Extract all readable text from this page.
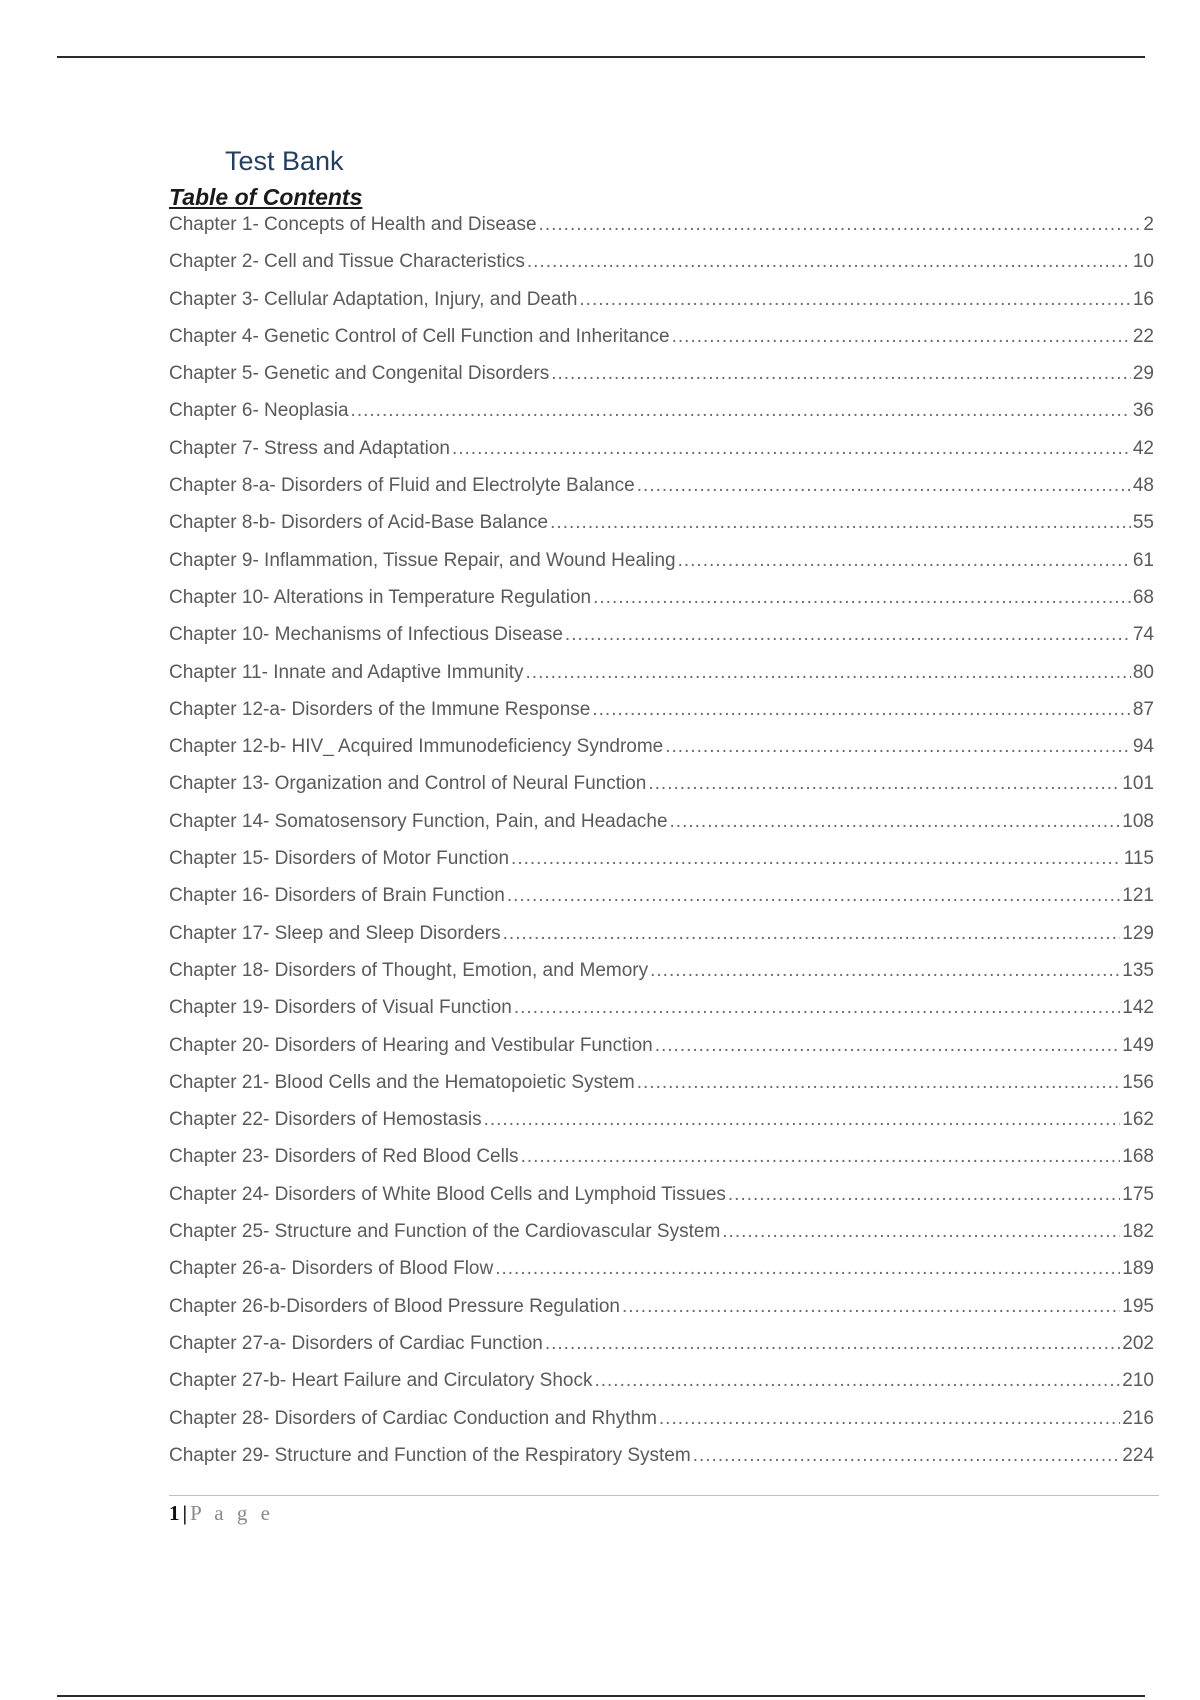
Test Bank
Table of Contents
Chapter 1- Concepts of Health and Disease .....	2
Chapter 2- Cell and Tissue Characteristics .....	10
Chapter 3- Cellular Adaptation, Injury, and Death .....	16
Chapter 4- Genetic Control of Cell Function and Inheritance .....	22
Chapter 5- Genetic and Congenital Disorders .....	29
Chapter 6- Neoplasia .....	36
Chapter 7- Stress and Adaptation .....	42
Chapter 8-a- Disorders of Fluid and Electrolyte Balance .....	48
Chapter 8-b- Disorders of Acid-Base Balance .....	55
Chapter 9- Inflammation, Tissue Repair, and Wound Healing .....	61
Chapter 10- Alterations in Temperature Regulation .....	68
Chapter 10- Mechanisms of Infectious Disease .....	74
Chapter 11- Innate and Adaptive Immunity .....	80
Chapter 12-a- Disorders of the Immune Response .....	87
Chapter 12-b- HIV_ Acquired Immunodeficiency Syndrome .....	94
Chapter 13- Organization and Control of Neural Function .....	101
Chapter 14- Somatosensory Function, Pain, and Headache .....	108
Chapter 15- Disorders of Motor Function .....	115
Chapter 16- Disorders of Brain Function .....	121
Chapter 17- Sleep and Sleep Disorders .....	129
Chapter 18- Disorders of Thought, Emotion, and Memory .....	135
Chapter 19- Disorders of Visual Function .....	142
Chapter 20- Disorders of Hearing and Vestibular Function .....	149
Chapter 21- Blood Cells and the Hematopoietic System .....	156
Chapter 22- Disorders of Hemostasis .....	162
Chapter 23- Disorders of Red Blood Cells .....	168
Chapter 24- Disorders of White Blood Cells and Lymphoid Tissues .....	175
Chapter 25- Structure and Function of the Cardiovascular System .....	182
Chapter 26-a- Disorders of Blood Flow .....	189
Chapter 26-b-Disorders of Blood Pressure Regulation .....	195
Chapter 27-a- Disorders of Cardiac Function .....	202
Chapter 27-b- Heart Failure and Circulatory Shock .....	210
Chapter 28- Disorders of Cardiac Conduction and Rhythm .....	216
Chapter 29- Structure and Function of the Respiratory System .....	224
1 | P a g e
